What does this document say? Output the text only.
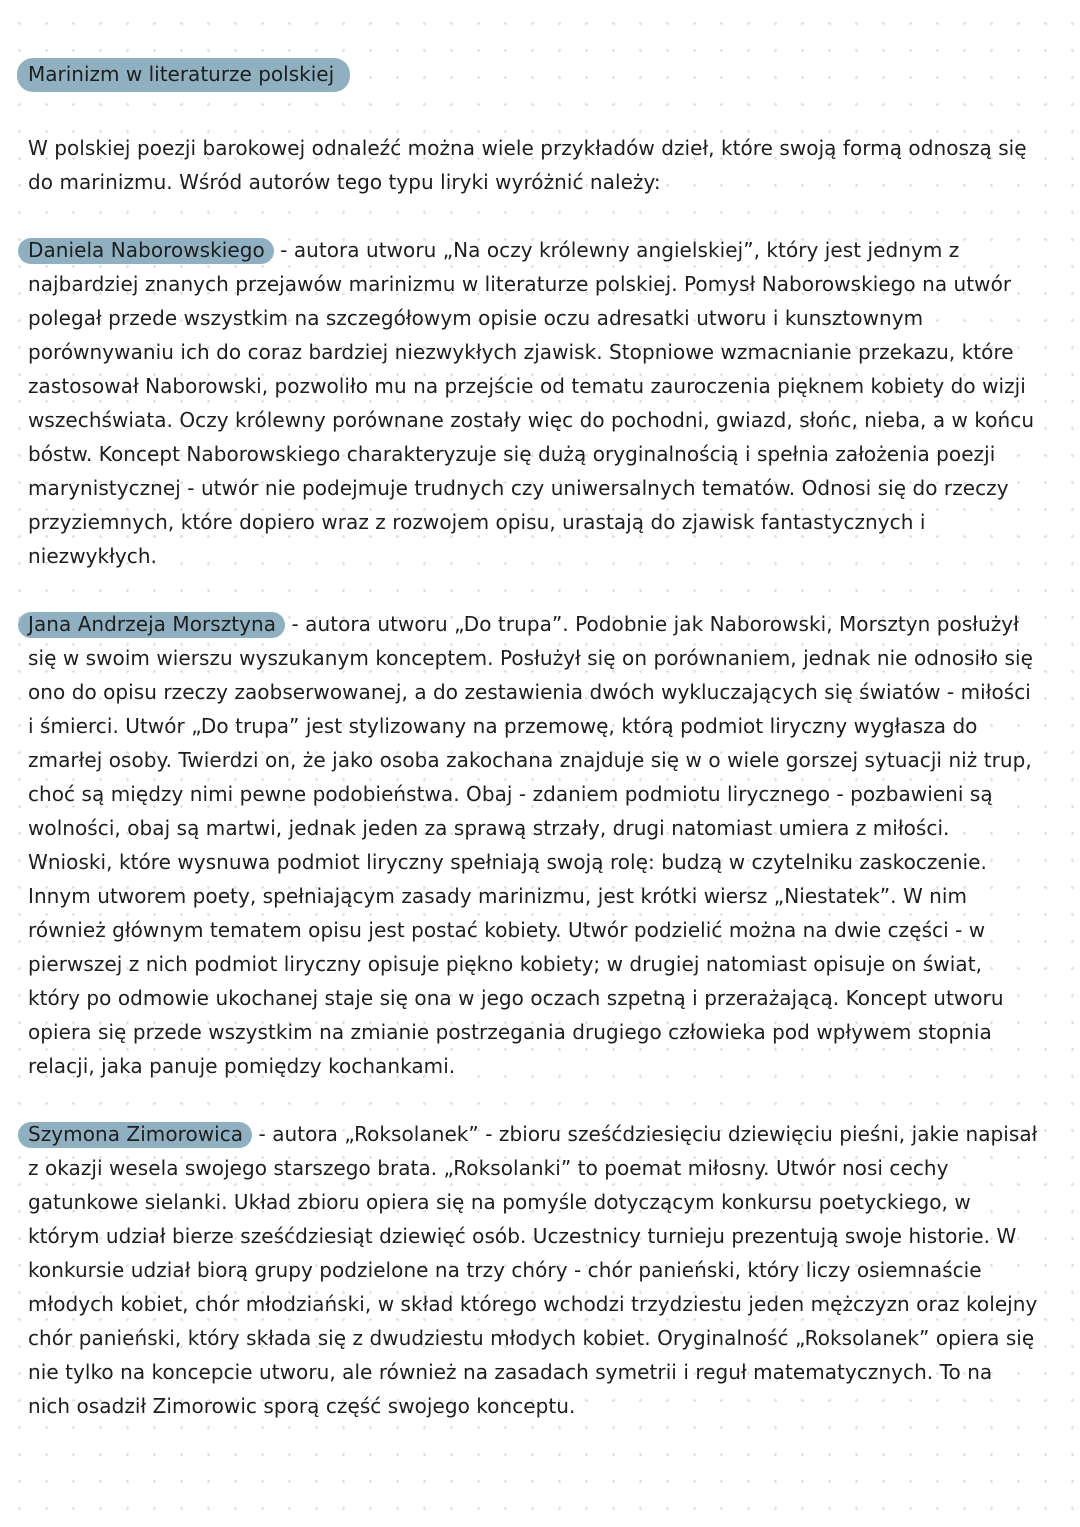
Marinizm w literaturze polskiej

W polskiej poezji barokowej odnaleźć można wiele przykładów dzieł, które swoją formą odnoszą się do marinizmu. Wśród autorów tego typu liryki wyróżnić należy:

Daniela Naborowskiego - autora utworu „Na oczy królewny angielskiej”, który jest jednym z najbardziej znanych przejawów marinizmu w literaturze polskiej. Pomysł Naborowskiego na utwór polegał przede wszystkim na szczegółowym opisie oczu adresatki utworu i kunsztownym porównywaniu ich do coraz bardziej niezwykłych zjawisk. Stopniowe wzmacnianie przekazu, które zastosował Naborowski, pozwoliło mu na przejście od tematu zauroczenia pięknem kobiety do wizji wszechświata. Oczy królewny porównane zostały więc do pochodni, gwiazd, słońc, nieba, a w końcu bóstw. Koncept Naborowskiego charakteryzuje się dużą oryginalnością i spełnia założenia poezji marynistycznej - utwór nie podejmuje trudnych czy uniwersalnych tematów. Odnosi się do rzeczy przyziemnych, które dopiero wraz z rozwojem opisu, urastają do zjawisk fantastycznych i niezwykłych.

Jana Andrzeja Morsztyna - autora utworu „Do trupa”. Podobnie jak Naborowski, Morsztyn posłużył się w swoim wierszu wyszukanym konceptem. Posłużył się on porównaniem, jednak nie odnosiło się ono do opisu rzeczy zaobserwowanej, a do zestawienia dwóch wykluczających się światów - miłości i śmierci. Utwór „Do trupa” jest stylizowany na przemowę, którą podmiot liryczny wygłasza do zmarłej osoby. Twierdzi on, że jako osoba zakochana znajduje się w o wiele gorszej sytuacji niż trup, choć są między nimi pewne podobieństwa. Obaj - zdaniem podmiotu lirycznego - pozbawieni są wolności, obaj są martwi, jednak jeden za sprawą strzały, drugi natomiast umiera z miłości. Wnioski, które wysnuwa podmiot liryczny spełniają swoją rolę: budzą w czytelniku zaskoczenie. Innym utworem poety, spełniającym zasady marinizmu, jest krótki wiersz „Niestatek”. W nim również głównym tematem opisu jest postać kobiety. Utwór podzielić można na dwie części - w pierwszej z nich podmiot liryczny opisuje piękno kobiety; w drugiej natomiast opisuje on świat, który po odmowie ukochanej staje się ona w jego oczach szpetną i przerażającą. Koncept utworu opiera się przede wszystkim na zmianie postrzegania drugiego człowieka pod wpływem stopnia relacji, jaka panuje pomiędzy kochankami.

Szymona Zimorowica - autora „Roksolanek” - zbioru sześćdziesięciu dziewięciu pieśni, jakie napisał z okazji wesela swojego starszego brata. „Roksolanki” to poemat miłosny. Utwór nosi cechy gatunkowe sielanki. Układ zbioru opiera się na pomyśle dotyczącym konkursu poetyckiego, w którym udział bierze sześćdziesiąt dziewięć osób. Uczestnicy turnieju prezentują swoje historie. W konkursie udział biorą grupy podzielone na trzy chóry - chór panieński, który liczy osiemnaście młodych kobiet, chór młodziański, w skład którego wchodzi trzydziestu jeden mężczyzn oraz kolejny chór panieński, który składa się z dwudziestu młodych kobiet. Oryginalność „Roksolanek” opiera się nie tylko na koncepcie utworu, ale również na zasadach symetrii i reguł matematycznych. To na nich osadził Zimorowic sporą część swojego konceptu.
